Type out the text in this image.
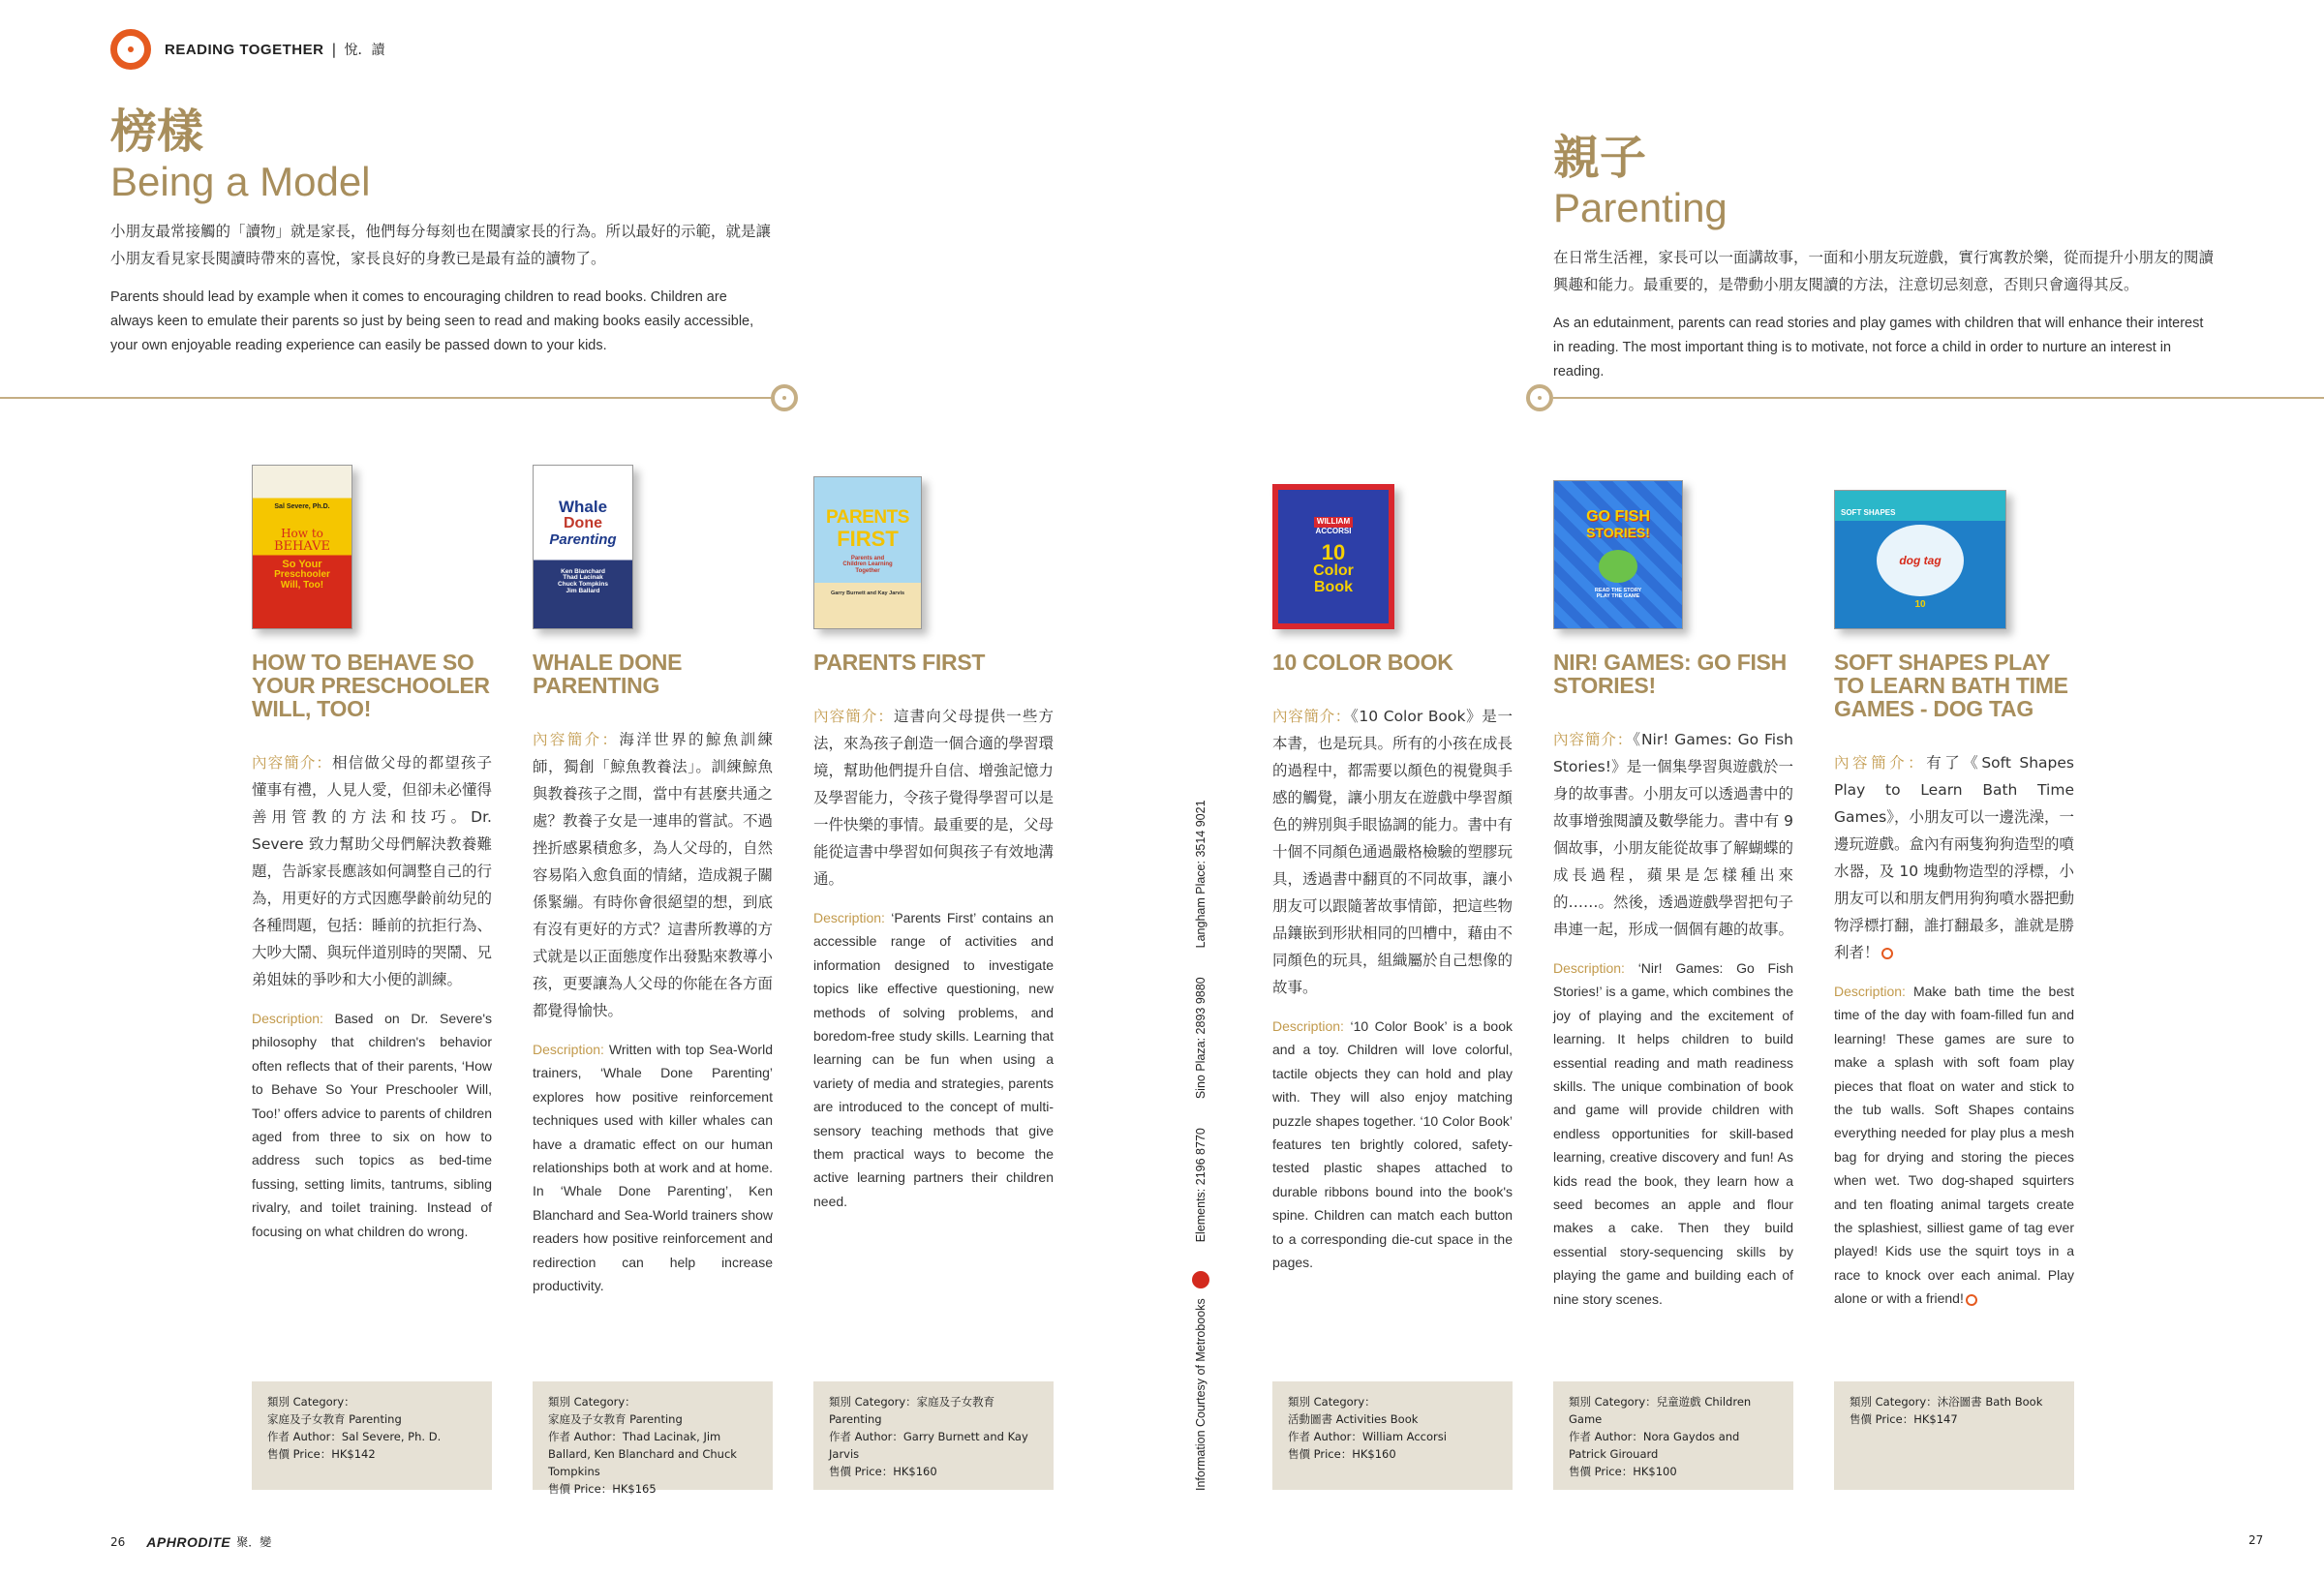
READING TOGETHER | 悅．讀
榜樣
Being a Model

小朋友最常接觸的「讀物」就是家長，他們每分每刻也在閱讀家長的行為。所以最好的示範，就是讓小朋友看見家長閱讀時帶來的喜悅，家長良好的身教已是最有益的讀物了。

Parents should lead by example when it comes to encouraging children to read books. Children are always keen to emulate their parents so just by being seen to read and making books easily accessible, your own enjoyable reading experience can easily be passed down to your kids.

親子
Parenting

在日常生活裡，家長可以一面講故事，一面和小朋友玩遊戲，實行寓教於樂，從而提升小朋友的閱讀興趣和能力。最重要的，是帶動小朋友閱讀的方法，注意切忌刻意，否則只會適得其反。

As an edutainment, parents can read stories and play games with children that will enhance their interest in reading. The most important thing is to motivate, not force a child in order to nurture an interest in reading.

Sal Severe, Ph.D.
How to
BEHAVE
So Your
Preschooler
Will, Too!
HOW TO BEHAVE SO YOUR PRESCHOOLER WILL, TOO!

內容簡介：相信做父母的都望孩子懂事有禮，人見人愛，但卻未必懂得善用管教的方法和技巧。Dr. Severe 致力幫助父母們解決教養難題，告訴家長應該如何調整自己的行為，用更好的方式因應學齡前幼兒的各種問題，包括：睡前的抗拒行為、大吵大鬧、與玩伴道別時的哭鬧、兄弟姐妹的爭吵和大小便的訓練。

Description: Based on Dr. Severe's philosophy that children's behavior often reflects that of their parents, ‘How to Behave So Your Preschooler Will, Too!’ offers advice to parents of children aged from three to six on how to address such topics as bed-time fussing, setting limits, tantrums, sibling rivalry, and toilet training. Instead of focusing on what children do wrong.

類別 Category：
家庭及子女教育 Parenting
作者 Author：Sal Severe, Ph. D.
售價 Price：HK$142
Whale
Done
Parenting
Ken Blanchard
Thad Lacinak
Chuck Tompkins
Jim Ballard
WHALE DONE PARENTING

內容簡介：海洋世界的鯨魚訓練師，獨創「鯨魚教養法」。訓練鯨魚與教養孩子之間，當中有甚麼共通之處？教養子女是一連串的嘗試。不過挫折感累積愈多，為人父母的，自然容易陷入愈負面的情緒，造成親子關係緊繃。有時你會很絕望的想，到底有沒有更好的方式？這書所教導的方式就是以正面態度作出發點來教導小孩，更要讓為人父母的你能在各方面都覺得愉快。

Description: Written with top Sea-World trainers, ‘Whale Done Parenting’ explores how positive reinforcement techniques used with killer whales can have a dramatic effect on our human relationships both at work and at home. In ‘Whale Done Parenting’, Ken Blanchard and Sea-World trainers show readers how positive reinforcement and redirection can help increase productivity.

類別 Category：
家庭及子女教育 Parenting
作者 Author：Thad Lacinak, Jim Ballard, Ken Blanchard and Chuck Tompkins
售價 Price：HK$165
PARENTS
FIRST
Parents and Children Learning Together
Garry Burnett and Kay Jarvis
PARENTS FIRST

內容簡介：這書向父母提供一些方法，來為孩子創造一個合適的學習環境，幫助他們提升自信、增強記憶力及學習能力，令孩子覺得學習可以是一件快樂的事情。最重要的是，父母能從這書中學習如何與孩子有效地溝通。

Description: ‘Parents First’ contains an accessible range of activities and information designed to investigate topics like effective questioning, new methods of solving problems, and boredom-free study skills. Learning that learning can be fun when using a variety of media and strategies, parents are introduced to the concept of multi-sensory teaching methods that give them practical ways to become the active learning partners their children need.

類別 Category：家庭及子女教育 Parenting
作者 Author：Garry Burnett and Kay Jarvis
售價 Price：HK$160	Information Courtesy of Metrobooks
Elements: 2196 8770
Sino Plaza: 2893 9880
Langham Place: 3514 9021
WILLIAM
ACCORSI
10
Color
Book
10 COLOR BOOK

內容簡介：《10 Color Book》是一本書，也是玩具。所有的小孩在成長的過程中，都需要以顏色的視覺與手感的觸覺，讓小朋友在遊戲中學習顏色的辨別與手眼協調的能力。書中有十個不同顏色通過嚴格檢驗的塑膠玩具，透過書中翻頁的不同故事，讓小朋友可以跟隨著故事情節，把這些物品鑲嵌到形狀相同的凹槽中，藉由不同顏色的玩具，組織屬於自己想像的故事。

Description: ‘10 Color Book’ is a book and a toy. Children will love colorful, tactile objects they can hold and play with. They will also enjoy matching puzzle shapes together. ‘10 Color Book’ features ten brightly colored, safety-tested plastic shapes attached to durable ribbons bound into the book's spine. Children can match each button to a corresponding die-cut space in the pages.

類別 Category：
活動圖書 Activities Book
作者 Author：William Accorsi
售價 Price：HK$160
GO FISH
STORIES!
READ THE STORY
PLAY THE GAME
NIR! GAMES: GO FISH STORIES!

內容簡介：《Nir! Games: Go Fish Stories!》是一個集學習與遊戲於一身的故事書。小朋友可以透過書中的故事增強閱讀及數學能力。書中有 9 個故事，小朋友能從故事了解蝴蝶的成長過程，蘋果是怎樣種出來的……。然後，透過遊戲學習把句子串連一起，形成一個個有趣的故事。

Description: ‘Nir! Games: Go Fish Stories!’ is a game, which combines the joy of playing and the excitement of learning. It helps children to build essential reading and math readiness skills. The unique combination of book and game will provide children with endless opportunities for skill-based learning, creative discovery and fun! As kids read the book, they learn how a seed becomes an apple and flour makes a cake. Then they build essential story-sequencing skills by playing the game and building each of nine story scenes.

類別 Category：兒童遊戲 Children Game
作者 Author：Nora Gaydos and Patrick Girouard
售價 Price：HK$100
SOFT SHAPES
dog tag
10
SOFT SHAPES PLAY TO LEARN BATH TIME GAMES - DOG TAG

內容簡介：有了《Soft Shapes Play to Learn Bath Time Games》，小朋友可以一邊洗澡，一邊玩遊戲。盒內有兩隻狗狗造型的噴水器，及 10 塊動物造型的浮標，小朋友可以和朋友們用狗狗噴水器把動物浮標打翻，誰打翻最多，誰就是勝利者！

Description: Make bath time the best time of the day with foam-filled fun and learning! These games are sure to make a splash with soft foam play pieces that float on water and stick to the tub walls. Soft Shapes contains everything needed for play plus a mesh bag for drying and storing the pieces when wet. Two dog-shaped squirters and ten floating animal targets create the splashiest, silliest game of tag ever played! Kids use the squirt toys in a race to knock over each animal. Play alone or with a friend!

類別 Category：沐浴圖書 Bath Book
售價 Price：HK$147
26 APHRODITE 聚．變	27
